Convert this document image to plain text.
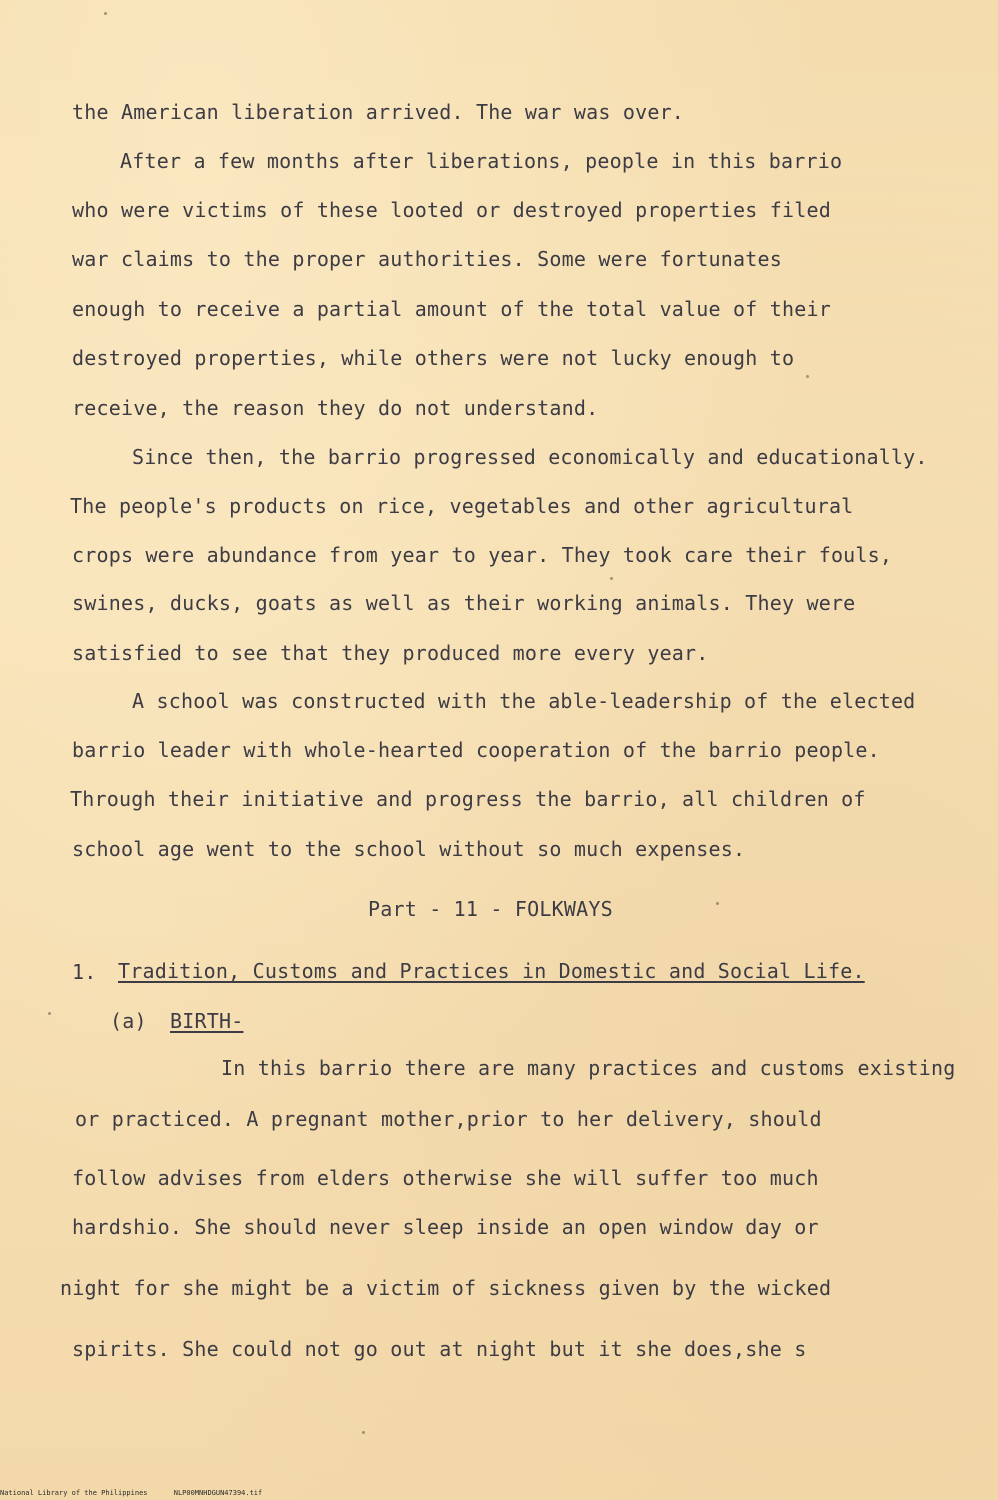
the American liberation arrived. The war was over.
After a few months after liberations, people in this barrio
who were victims of these looted or destroyed properties filed
war claims to the proper authorities. Some were fortunates
enough to receive a partial amount of the total value of their
destroyed properties, while others were not lucky enough to
receive, the reason they do not understand.
Since then, the barrio progressed economically and educationally.
The people's products on rice, vegetables and other agricultural
crops were abundance from year to year. They took care their fouls,
swines, ducks, goats as well as their working animals. They were
satisfied to see that they produced more every year.
A school was constructed with the able-leadership of the elected
barrio leader with whole-hearted cooperation of the barrio people.
Through their initiative and progress the barrio, all children of
school age went to the school without so much expenses.
Part - 11 - FOLKWAYS
1. Tradition, Customs and Practices in Domestic and Social Life.
(a) BIRTH-
In this barrio there are many practices and customs existing
or practiced. A pregnant mother,prior to her delivery, should
follow advises from elders otherwise she will suffer too much
hardshio. She should never sleep inside an open window day or
night for she might be a victim of sickness given by the wicked
spirits. She could not go out at night but it she does,she s
National Library of the Philippines	NLP00MNHDGUN47394.tif
